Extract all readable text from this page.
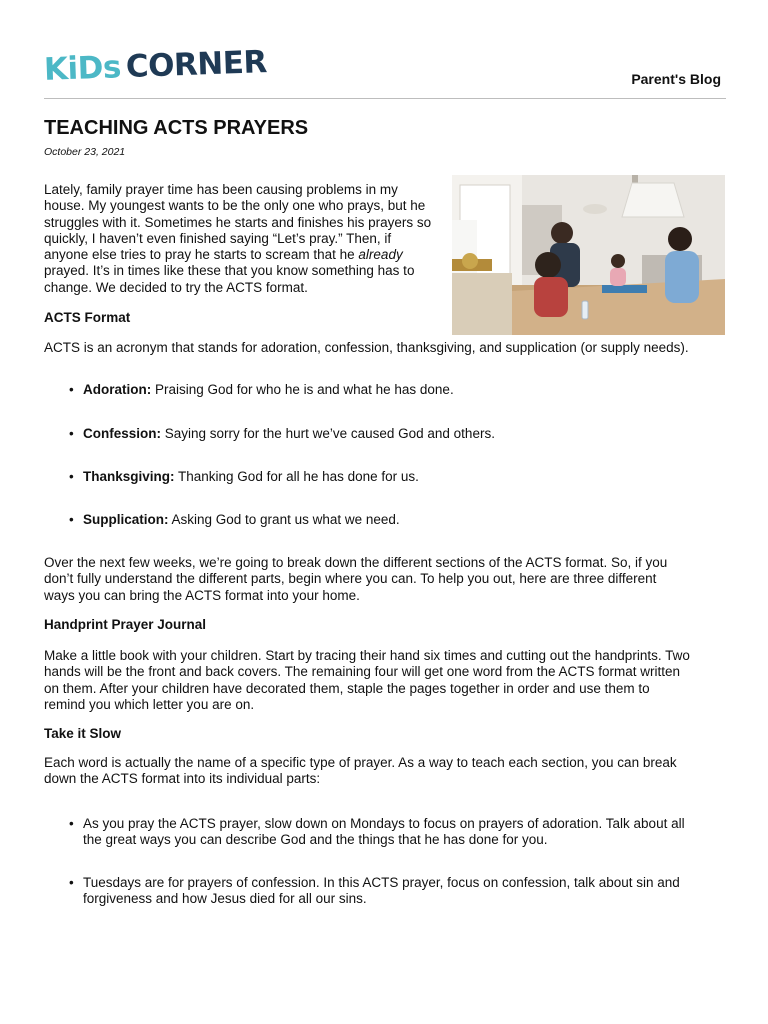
KiDs CORNER	Parent's Blog
TEACHING ACTS PRAYERS
October 23, 2021

Lately, family prayer time has been causing problems in my
house. My youngest wants to be the only one who prays, but he
struggles with it. Sometimes he starts and finishes his prayers so
quickly, I haven’t even finished saying “Let’s pray.” Then, if
anyone else tries to pray he starts to scream that he already
prayed. It’s in times like these that you know something has to
change. We decided to try the ACTS format.

ACTS Format

ACTS is an acronym that stands for adoration, confession, thanksgiving, and supplication (or supply needs).

• Adoration: Praising God for who he is and what he has done.
• Confession: Saying sorry for the hurt we’ve caused God and others.
• Thanksgiving: Thanking God for all he has done for us.
• Supplication: Asking God to grant us what we need.

Over the next few weeks, we’re going to break down the different sections of the ACTS format. So, if you
don’t fully understand the different parts, begin where you can. To help you out, here are three different
ways you can bring the ACTS format into your home.

Handprint Prayer Journal

Make a little book with your children. Start by tracing their hand six times and cutting out the handprints. Two
hands will be the front and back covers. The remaining four will get one word from the ACTS format written
on them. After your children have decorated them, staple the pages together in order and use them to
remind you which letter you are on.

Take it Slow

Each word is actually the name of a specific type of prayer. As a way to teach each section, you can break
down the ACTS format into its individual parts:

• As you pray the ACTS prayer, slow down on Mondays to focus on prayers of adoration. Talk about all
the great ways you can describe God and the things that he has done for you.
• Tuesdays are for prayers of confession. In this ACTS prayer, focus on confession, talk about sin and
forgiveness and how Jesus died for all our sins.
